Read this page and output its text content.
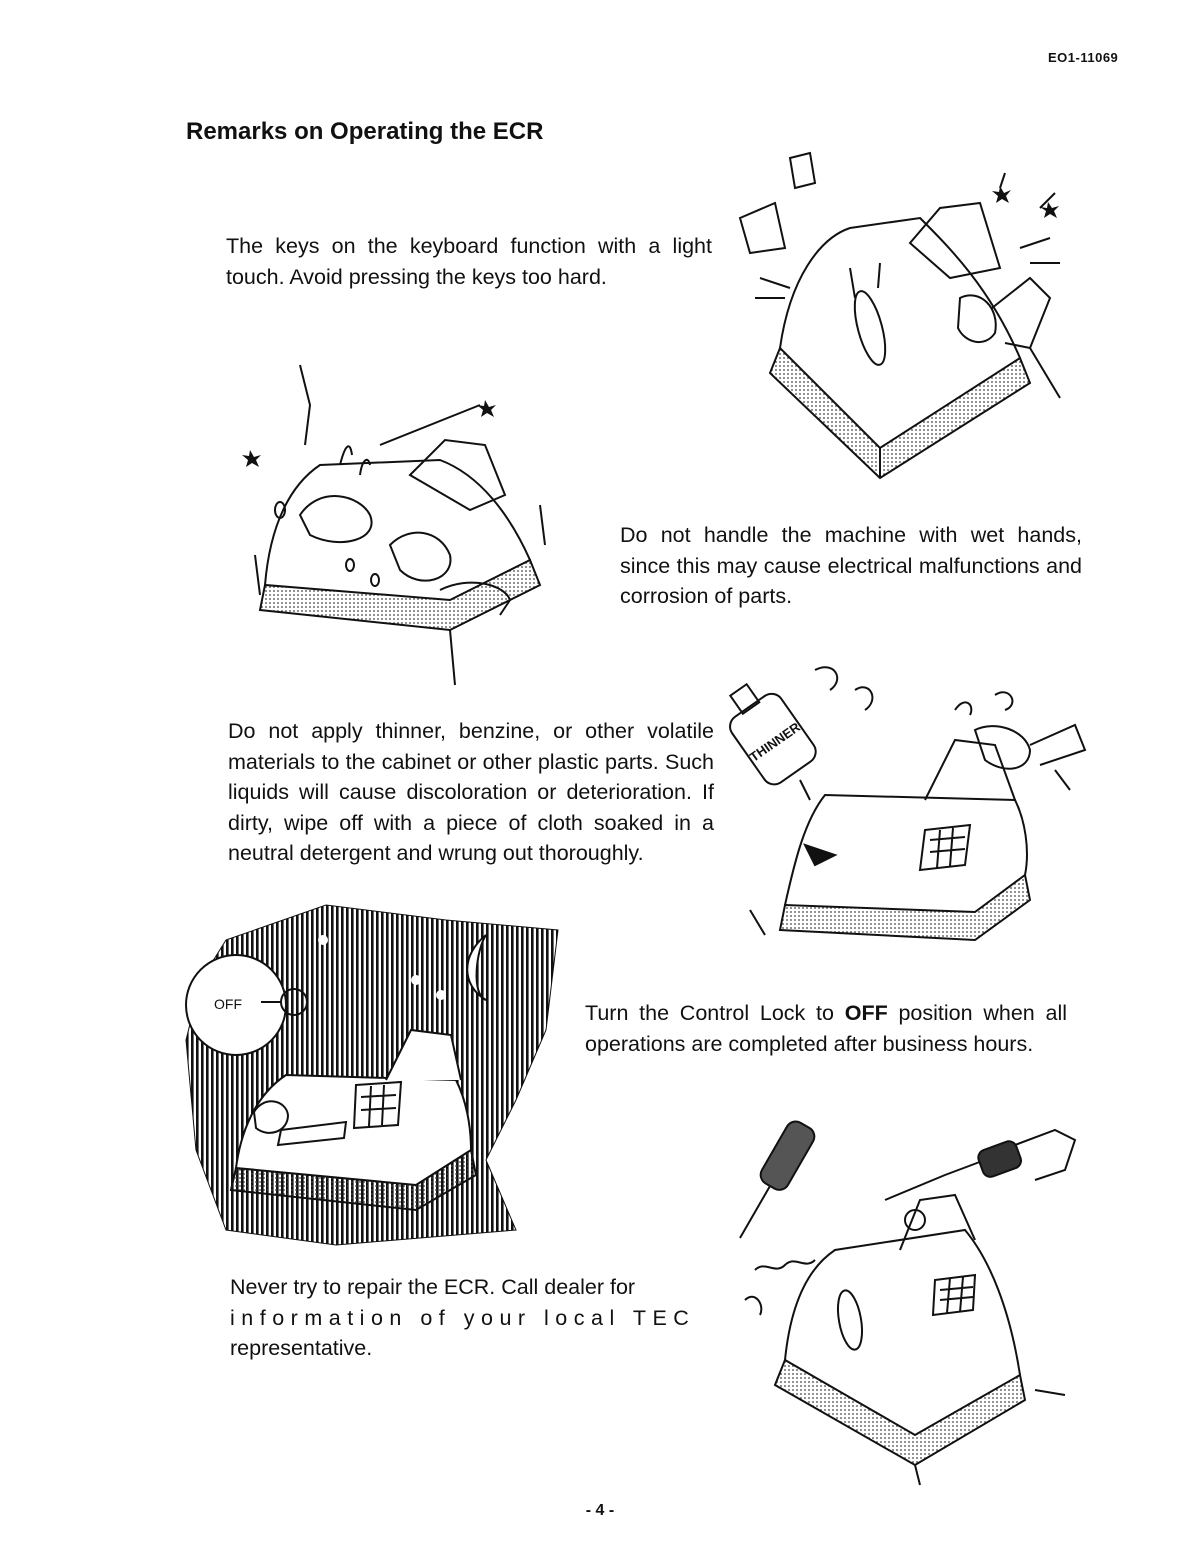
EO1-11069
Remarks on Operating the ECR

The keys on the keyboard function with a light touch. Avoid pressing the keys too hard.

Do not handle the machine with wet hands, since this may cause electrical malfunctions and corrosion of parts.

Do not apply thinner, benzine, or other volatile materials to the cabinet or other plastic parts. Such liquids will cause discoloration or deterioration. If dirty, wipe off with a piece of cloth soaked in a neutral detergent and wrung out thoroughly.

Turn the Control Lock to OFF position when all operations are completed after business hours.

Never try to repair the ECR. Call dealer for
information of your local TEC
representative.

THINNER
OFF
- 4 -
